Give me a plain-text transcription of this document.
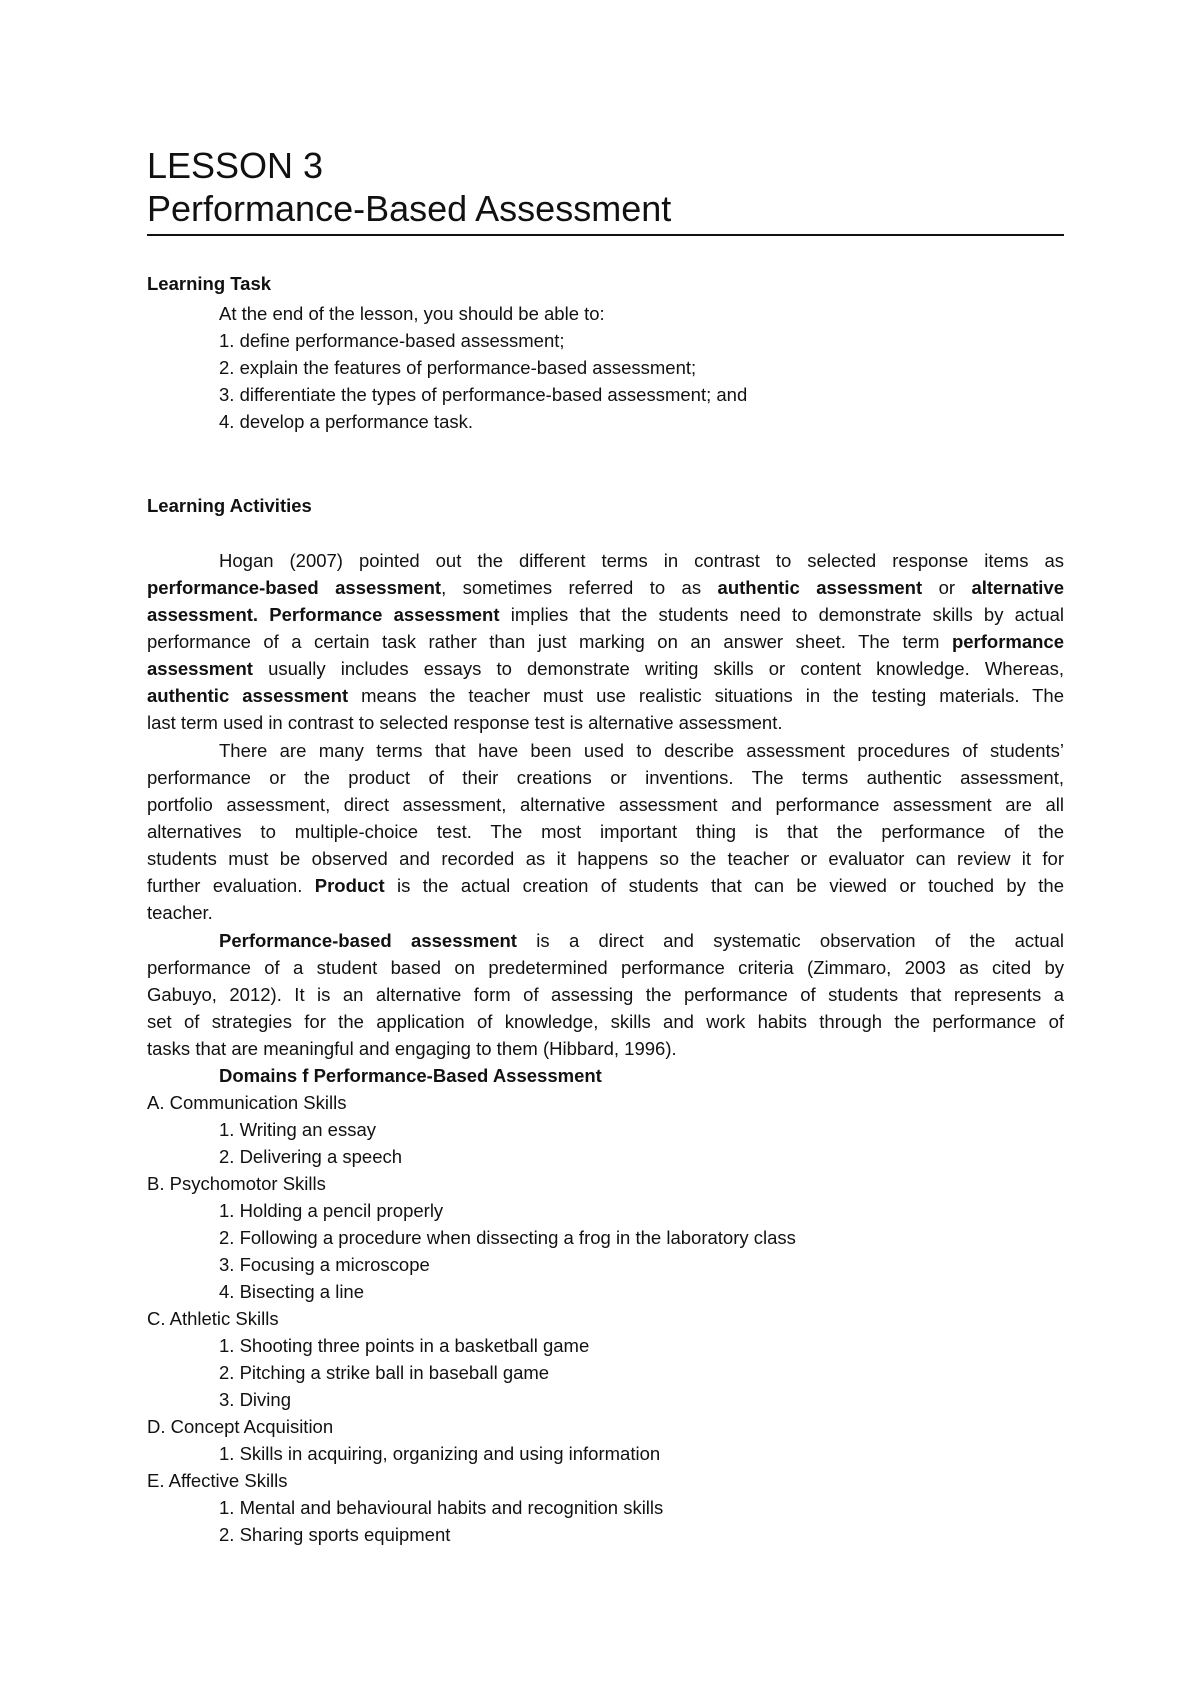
LESSON 3
Performance-Based Assessment
Learning Task
At the end of the lesson, you should be able to:
1. define performance-based assessment;
2. explain the features of performance-based assessment;
3. differentiate the types of performance-based assessment; and
4. develop a performance task.
Learning Activities
Hogan (2007) pointed out the different terms in contrast to selected response items as
performance-based assessment, sometimes referred to as authentic assessment or alternative
assessment. Performance assessment implies that the students need to demonstrate skills by actual
performance of a certain task rather than just marking on an answer sheet. The term performance
assessment usually includes essays to demonstrate writing skills or content knowledge. Whereas,
authentic assessment means the teacher must use realistic situations in the testing materials. The
last term used in contrast to selected response test is alternative assessment.
There are many terms that have been used to describe assessment procedures of students’
performance or the product of their creations or inventions. The terms authentic assessment,
portfolio assessment, direct assessment, alternative assessment and performance assessment are all
alternatives to multiple-choice test. The most important thing is that the performance of the
students must be observed and recorded as it happens so the teacher or evaluator can review it for
further evaluation. Product is the actual creation of students that can be viewed or touched by the
teacher.
Performance-based assessment is a direct and systematic observation of the actual
performance of a student based on predetermined performance criteria (Zimmaro, 2003 as cited by
Gabuyo, 2012). It is an alternative form of assessing the performance of students that represents a
set of strategies for the application of knowledge, skills and work habits through the performance of
tasks that are meaningful and engaging to them (Hibbard, 1996).
Domains f Performance-Based Assessment
A. Communication Skills
1. Writing an essay
2. Delivering a speech
B. Psychomotor Skills
1. Holding a pencil properly
2. Following a procedure when dissecting a frog in the laboratory class
3. Focusing a microscope
4. Bisecting a line
C. Athletic Skills
1. Shooting three points in a basketball game
2. Pitching a strike ball in baseball game
3. Diving
D. Concept Acquisition
1. Skills in acquiring, organizing and using information
E. Affective Skills
1. Mental and behavioural habits and recognition skills
2. Sharing sports equipment
